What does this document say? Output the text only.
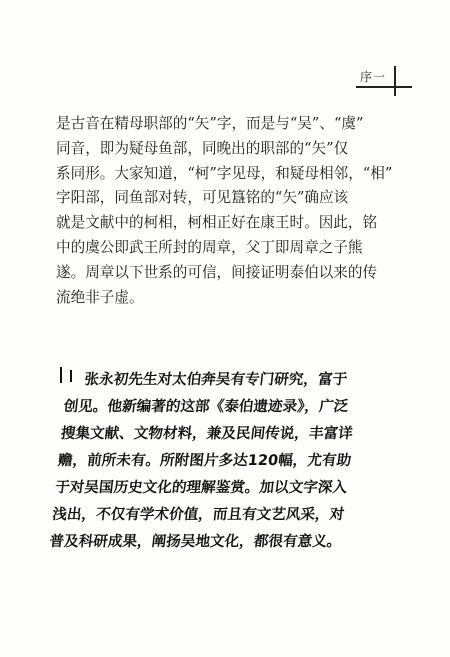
序一
是古音在精母职部的“矢”字，而是与“吴”、“虞”
同音，即为疑母鱼部，同晚出的职部的“矢”仅
系同形。大家知道，“柯”字见母，和疑母相邻，“相”
字阳部，同鱼部对转，可见簋铭的“矢”确应该
就是文献中的柯相，柯相正好在康王时。因此，铭
中的虞公即武王所封的周章，父丁即周章之子熊
遂。周章以下世系的可信，间接证明泰伯以来的传
流绝非子虚。
张永初先生对太伯奔吴有专门研究，富于
创见。他新编著的这部《泰伯遗迹录》，广泛
搜集文献、文物材料，兼及民间传说，丰富详
赡，前所未有。所附图片多达120幅，尤有助
于对吴国历史文化的理解鉴赏。加以文字深入
浅出，不仅有学术价值，而且有文艺风采，对
普及科研成果，阐扬吴地文化，都很有意义。
